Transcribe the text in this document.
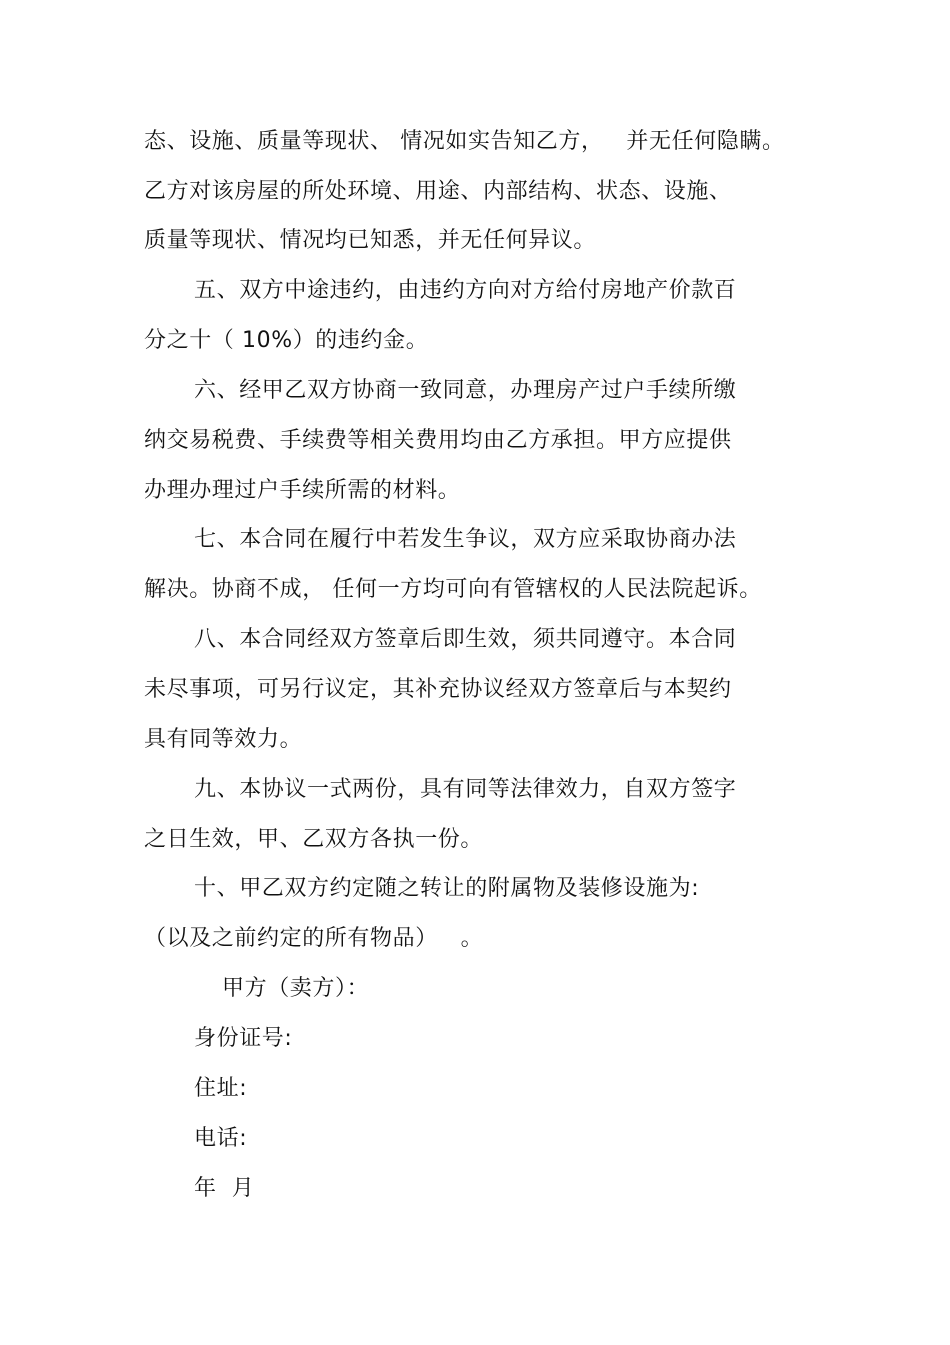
态、设施、质量等现状、 情况如实告知乙方，   并无任何隐瞒。
乙方对该房屋的所处环境、用途、内部结构、状态、设施、
质量等现状、情况均已知悉，并无任何异议。
五、双方中途违约，由违约方向对方给付房地产价款百
分之十（ 10%）的违约金。
六、经甲乙双方协商一致同意，办理房产过户手续所缴
纳交易税费、手续费等相关费用均由乙方承担。甲方应提供
办理办理过户手续所需的材料。
七、本合同在履行中若发生争议，双方应采取协商办法
解决。协商不成， 任何一方均可向有管辖权的人民法院起诉。
八、本合同经双方签章后即生效，须共同遵守。本合同
未尽事项，可另行议定，其补充协议经双方签章后与本契约
具有同等效力。
九、本协议一式两份，具有同等法律效力，自双方签字
之日生效，甲、乙双方各执一份。
十、甲乙双方约定随之转让的附属物及装修设施为:
（以及之前约定的所有物品）   。
甲方（卖方）：
身份证号:
住址:
电话:
年  月
